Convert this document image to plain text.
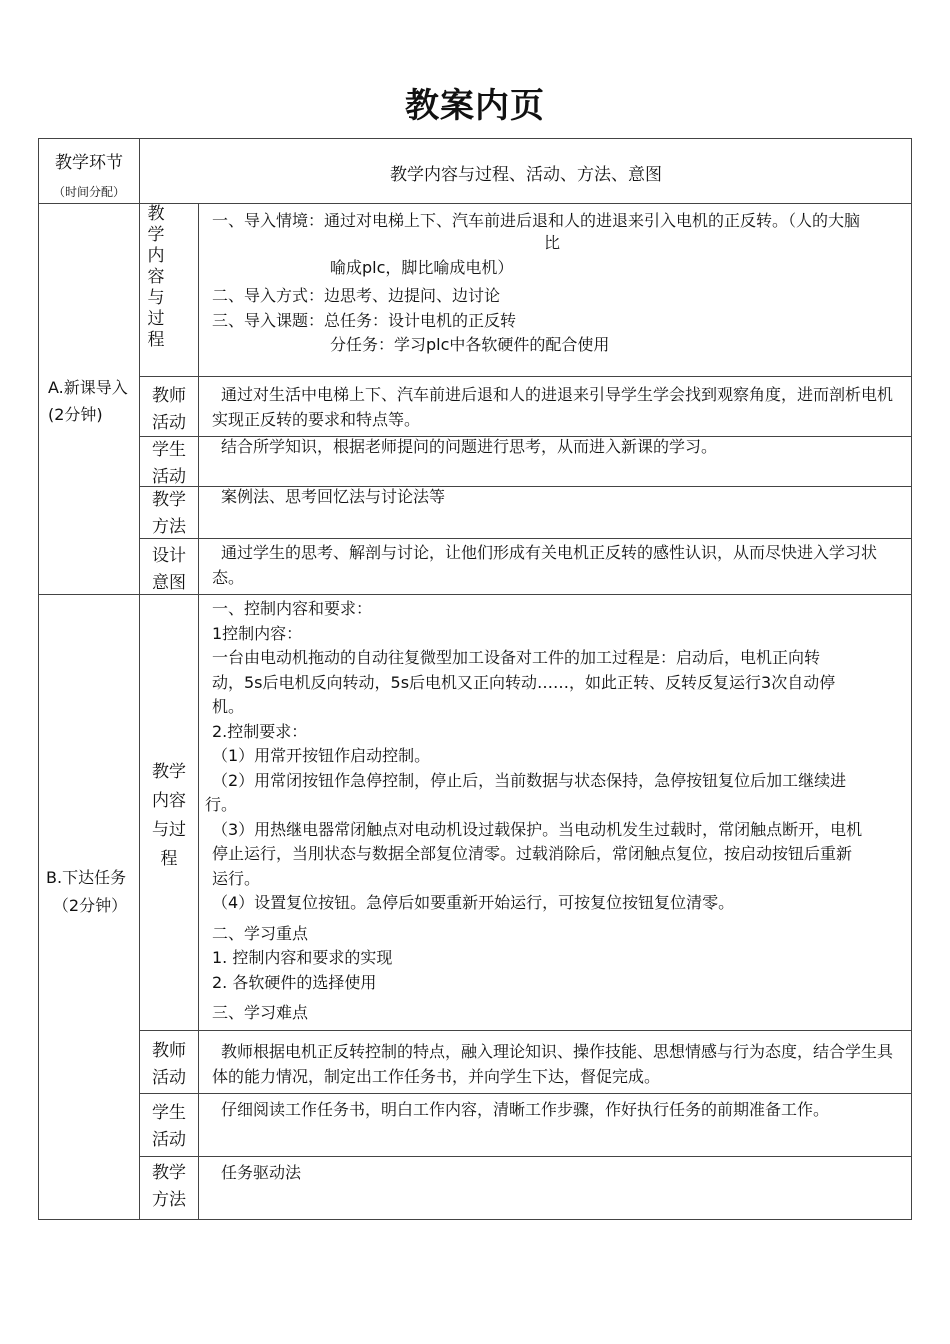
教案内页
教学环节
（时间分配）
教学内容与过程、活动、方法、意图
A.新课导入(2分钟)
教学内容与过程
一、导入情境：通过对电梯上下、汽车前进后退和人的进退来引入电机的正反转。（人的大脑
比
喻成plc，脚比喻成电机）
二、导入方式：边思考、边提问、边讨论
三、导入课题：总任务：设计电机的正反转
分任务：学习plc中各软硬件的配合使用
教师活动
通过对生活中电梯上下、汽车前进后退和人的进退来引导学生学会找到观察角度，进而剖析电机实现正反转的要求和特点等。
学生活动
结合所学知识，根据老师提问的问题进行思考，从而进入新课的学习。
教学方法
案例法、思考回忆法与讨论法等
设计意图
通过学生的思考、解剖与讨论，让他们形成有关电机正反转的感性认识，从而尽快进入学习状态。
B.下达任务
（2分钟）
教学内容与过程
一、控制内容和要求：
1控制内容：
一台由电动机拖动的自动往复微型加工设备对工件的加工过程是：启动后，电机正向转
动，5s后电机反向转动，5s后电机又正向转动……，如此正转、反转反复运行3次自动停
机。
2.控制要求：
（1）用常开按钮作启动控制。
（2）用常闭按钮作急停控制，停止后，当前数据与状态保持，急停按钮复位后加工继续进
行。
（3）用热继电器常闭触点对电动机设过载保护。当电动机发生过载时，常闭触点断开，电机
停止运行，当刖状态与数据全部复位清零。过载消除后，常闭触点复位，按启动按钮后重新
运行。
（4）设置复位按钮。急停后如要重新开始运行，可按复位按钮复位清零。
二、学习重点
1. 控制内容和要求的实现
2. 各软硬件的选择使用
三、学习难点
教师活动
教师根据电机正反转控制的特点，融入理论知识、操作技能、思想情感与行为态度，结合学生具体的能力情况，制定出工作任务书，并向学生下达，督促完成。
学生活动
仔细阅读工作任务书，明白工作内容，清晰工作步骤，作好执行任务的前期准备工作。
教学方法
任务驱动法
